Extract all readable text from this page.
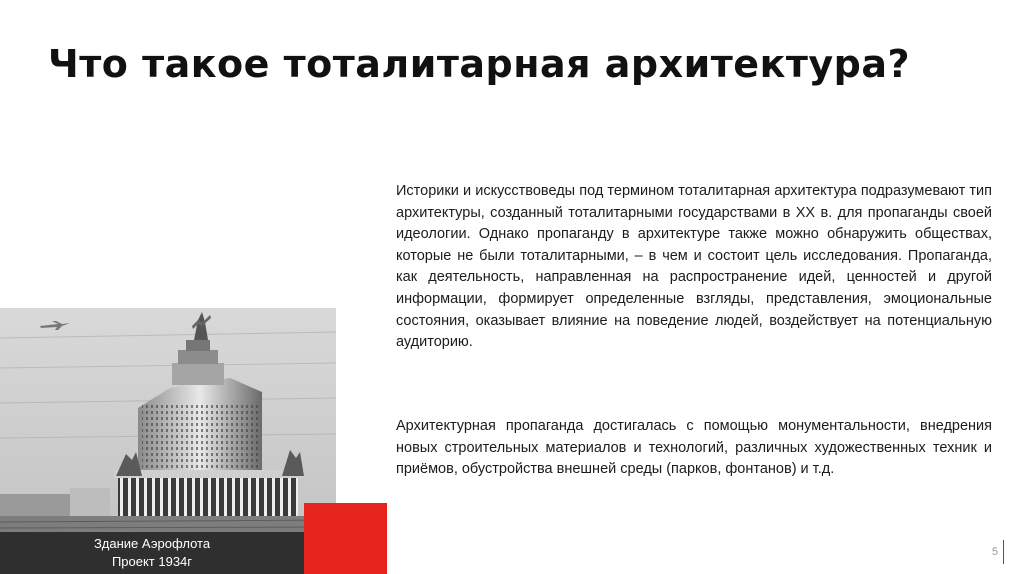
Что такое тоталитарная архитектура?

Историки и искусствоведы под термином тоталитарная архитектура подразумевают тип архитектуры, созданный тоталитарными государствами в XX в. для пропаганды своей идеологии. Однако пропаганду в архитектуре также можно обнаружить обществах, которые не были тоталитарными, – в чем и состоит цель исследования. Пропаганда, как деятельность, направленная на распространение идей, ценностей и другой информации, формирует определенные взгляды, представления, эмоциональные состояния, оказывает влияние на поведение людей, воздействует на потенциальную аудиторию.

Архитектурная пропаганда достигалась с помощью монументальности, внедрения новых строительных материалов и технологий, различных художественных техник и приёмов, обустройства внешней среды (парков, фонтанов) и т.д.

Здание Аэрофлота
Проект 1934г
5
